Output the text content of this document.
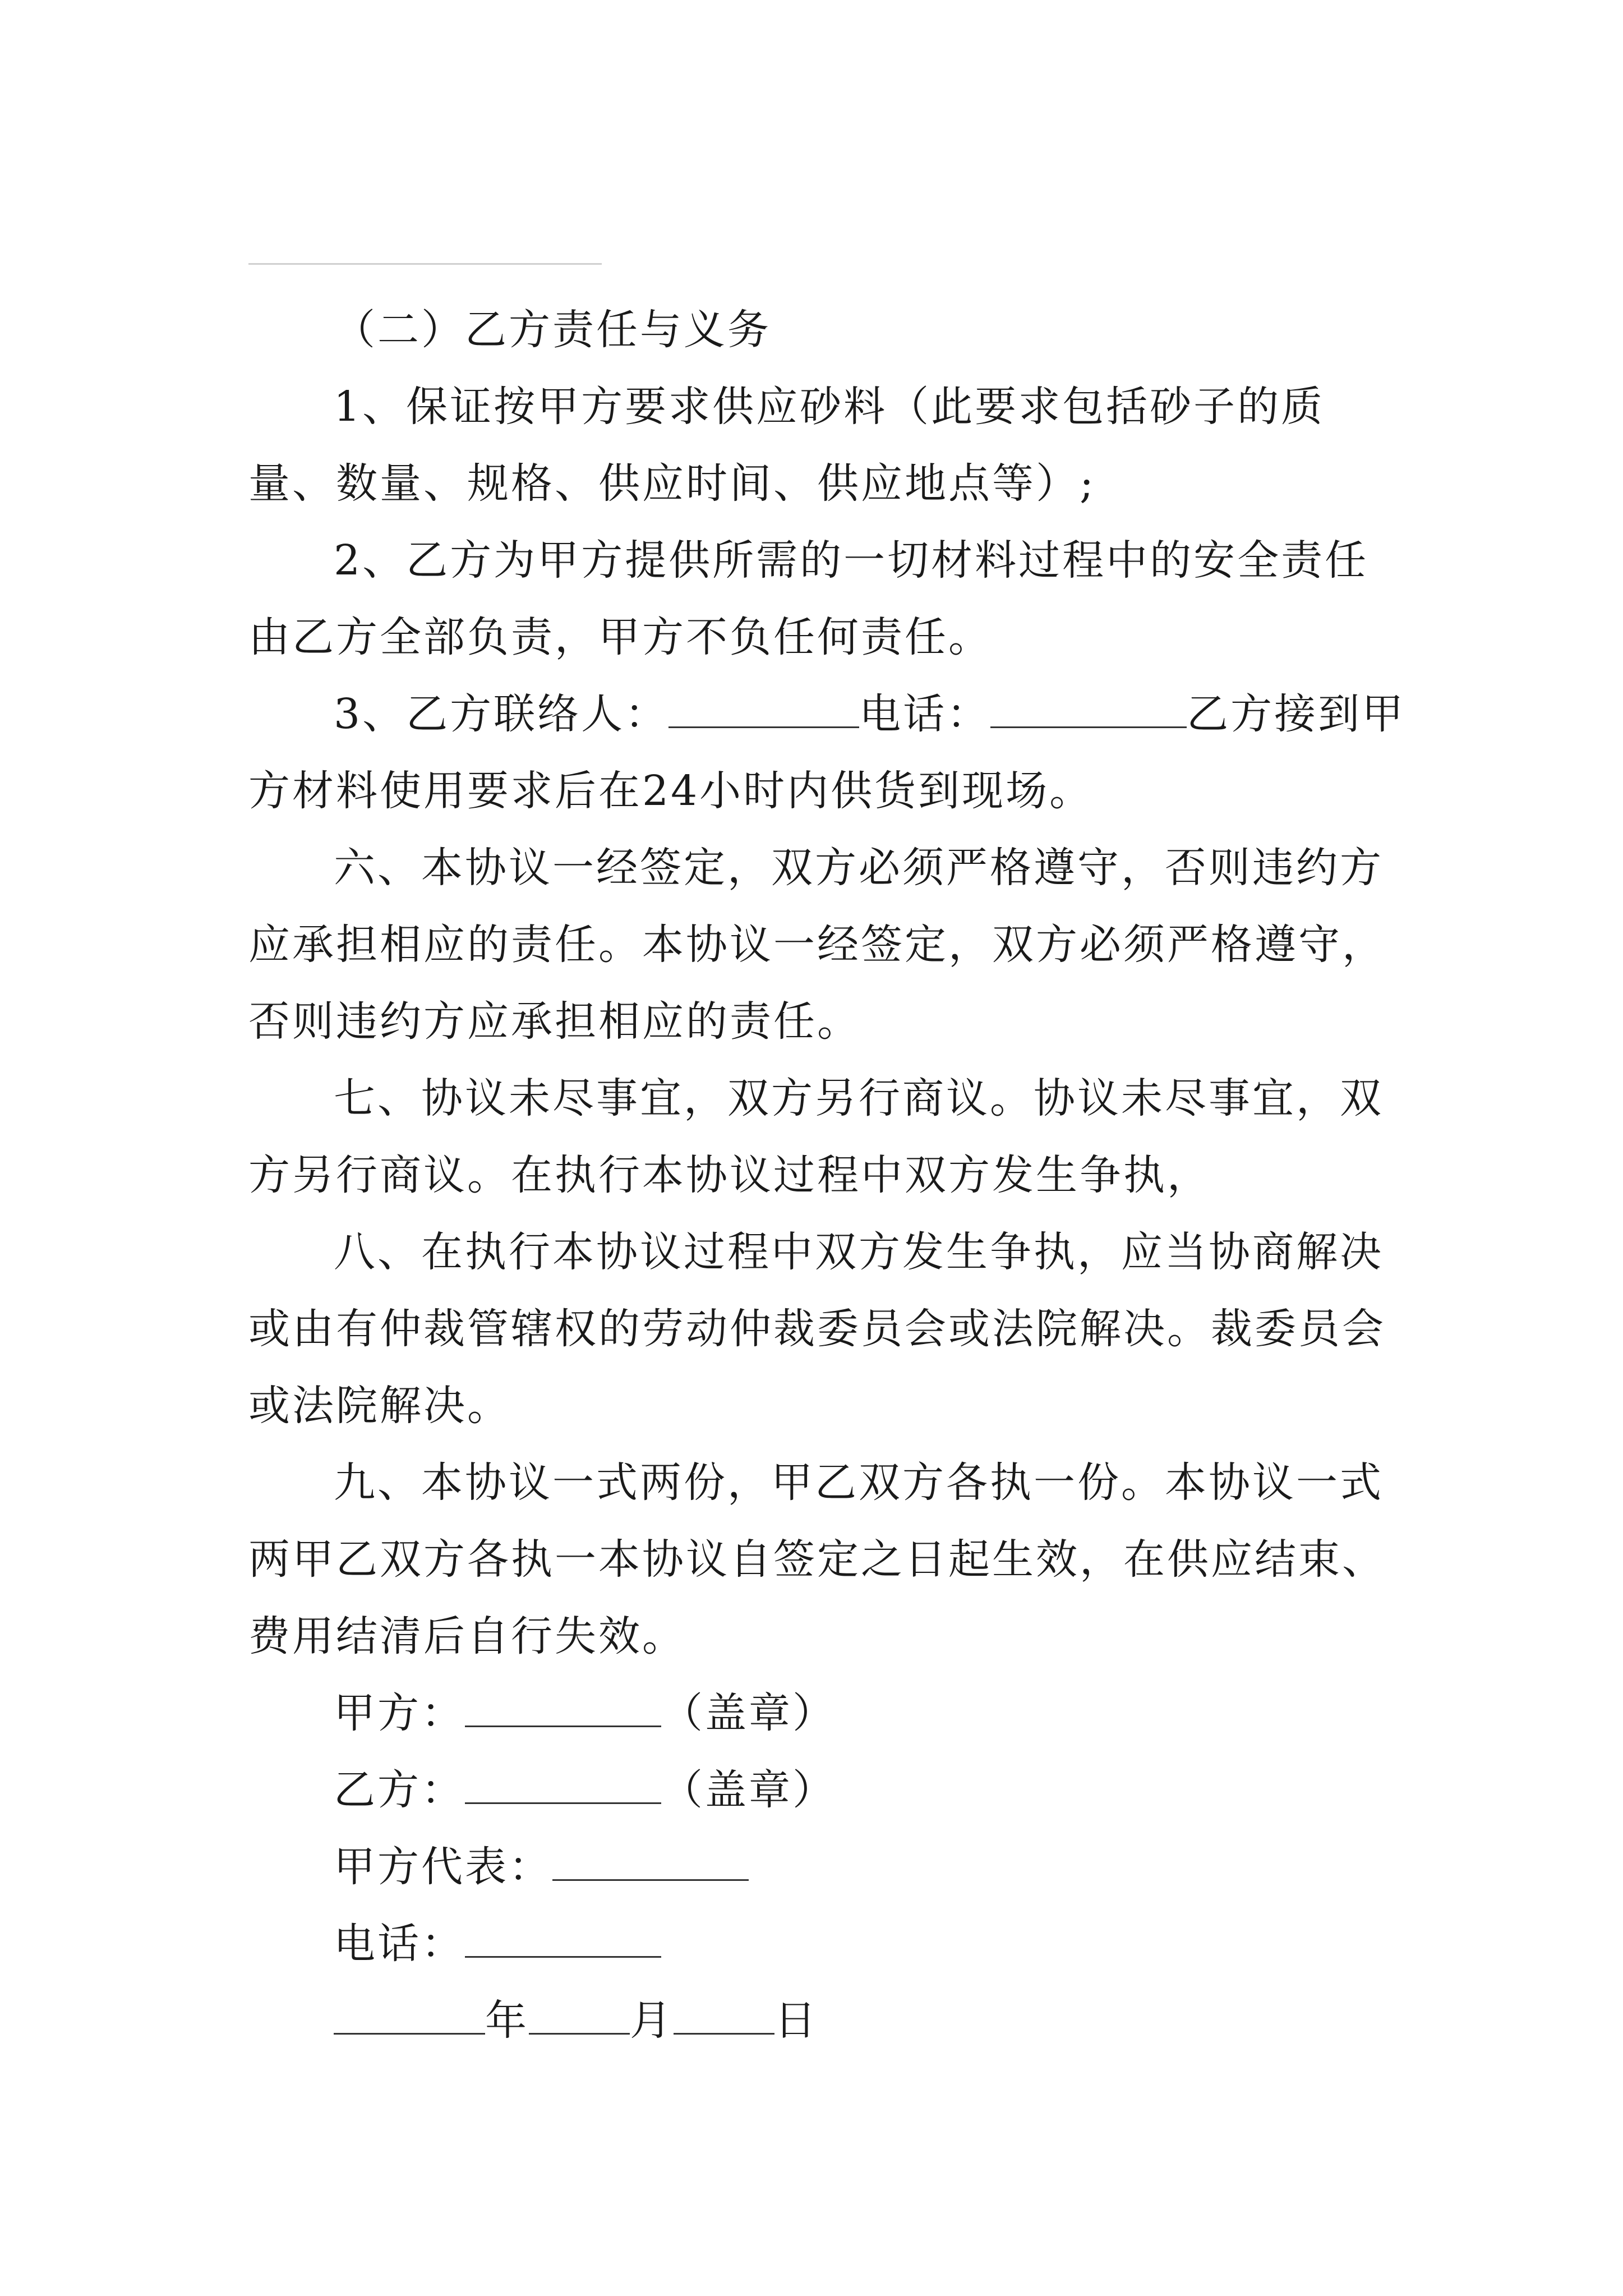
（二）乙方责任与义务

1、保证按甲方要求供应砂料（此要求包括砂子的质量、数量、规格、供应时间、供应地点等）;

2、乙方为甲方提供所需的一切材料过程中的安全责任由乙方全部负责，甲方不负任何责任。

3、乙方联络人：	电话：	乙方接到甲方材料使用要求后在24小时内供货到现场。

六、本协议一经签定，双方必须严格遵守，否则违约方应承担相应的责任。本协议一经签定，双方必须严格遵守，否则违约方应承担相应的责任。

七、协议未尽事宜，双方另行商议。协议未尽事宜，双方另行商议。在执行本协议过程中双方发生争执，

八、在执行本协议过程中双方发生争执，应当协商解决或由有仲裁管辖权的劳动仲裁委员会或法院解决。裁委员会或法院解决。

九、本协议一式两份，甲乙双方各执一份。本协议一式两甲乙双方各执一本协议自签定之日起生效，在供应结束、费用结清后自行失效。

甲方：	（盖章）

乙方：	（盖章）

甲方代表：

电话：

年 月 日
